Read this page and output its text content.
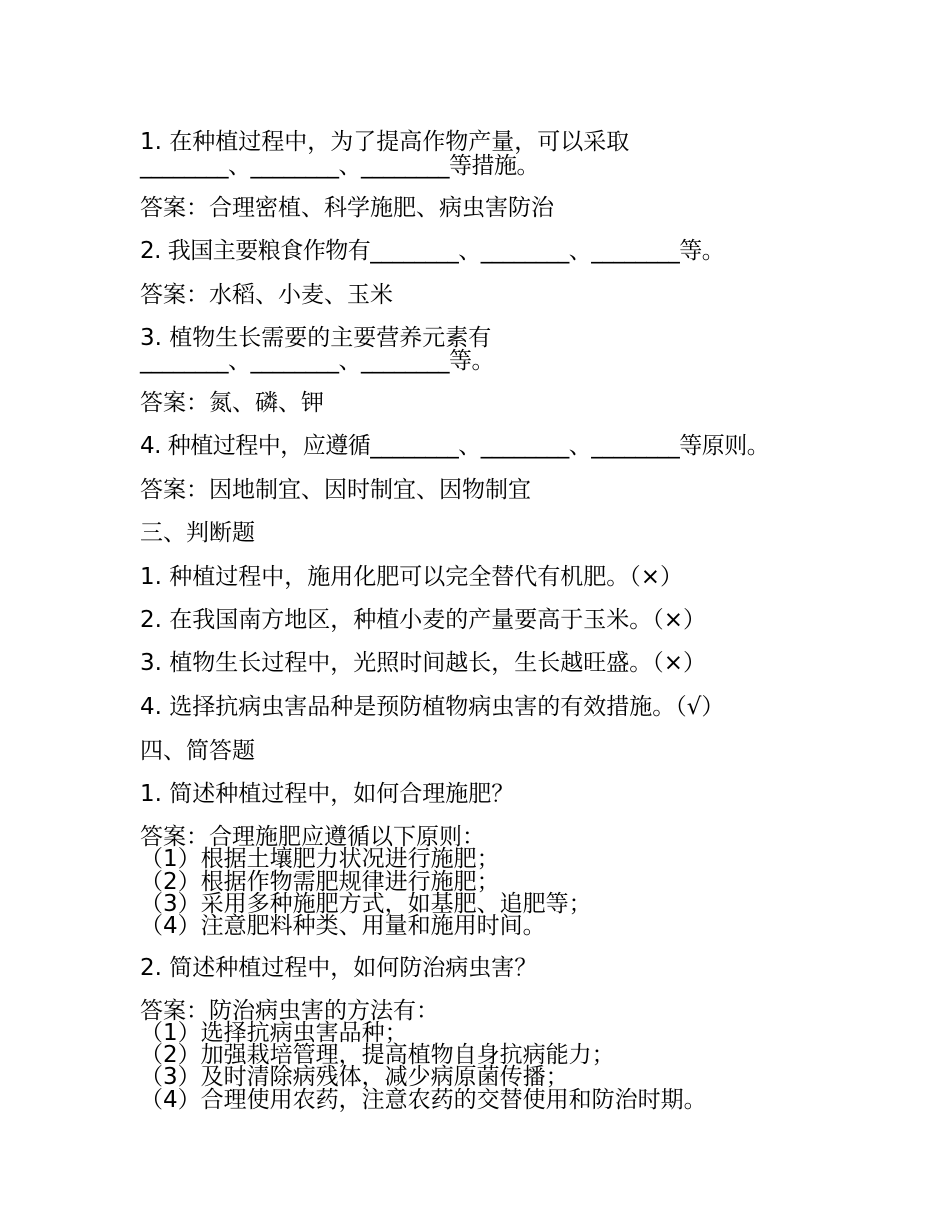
1. 在种植过程中，为了提高作物产量，可以采取

________、________、________等措施。

答案：合理密植、科学施肥、病虫害防治

2. 我国主要粮食作物有________、________、________等。

答案：水稻、小麦、玉米

3. 植物生长需要的主要营养元素有

________、________、________等。

答案：氮、磷、钾

4. 种植过程中，应遵循________、________、________等原则。

答案：因地制宜、因时制宜、因物制宜

三、判断题

1. 种植过程中，施用化肥可以完全替代有机肥。（×）

2. 在我国南方地区，种植小麦的产量要高于玉米。（×）

3. 植物生长过程中，光照时间越长，生长越旺盛。（×）

4. 选择抗病虫害品种是预防植物病虫害的有效措施。（√）

四、简答题

1. 简述种植过程中，如何合理施肥？

答案：合理施肥应遵循以下原则：

（1）根据土壤肥力状况进行施肥；

（2）根据作物需肥规律进行施肥；

（3）采用多种施肥方式，如基肥、追肥等；

（4）注意肥料种类、用量和施用时间。

2. 简述种植过程中，如何防治病虫害？

答案：防治病虫害的方法有：

（1）选择抗病虫害品种；

（2）加强栽培管理，提高植物自身抗病能力；

（3）及时清除病残体，减少病原菌传播；

（4）合理使用农药，注意农药的交替使用和防治时期。
